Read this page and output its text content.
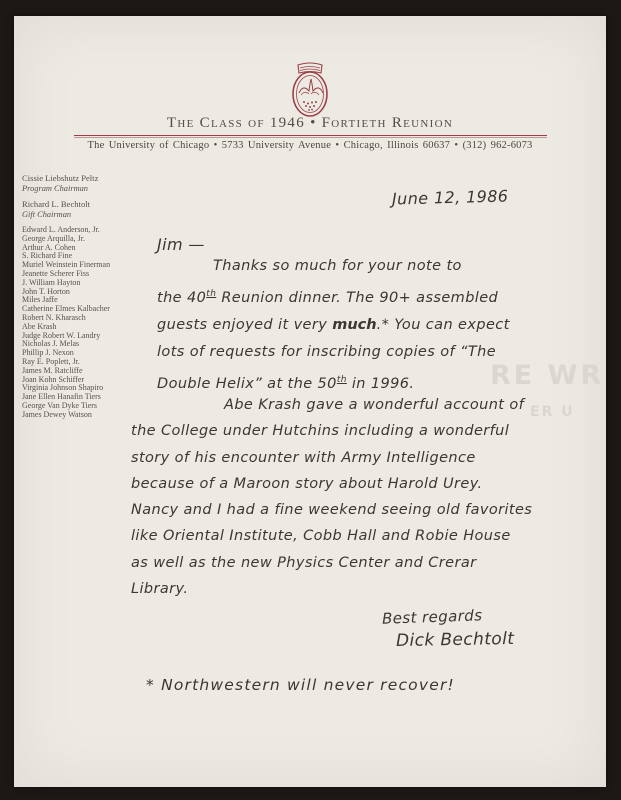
The Class of 1946 • Fortieth Reunion
The University of Chicago • 5733 University Avenue • Chicago, Illinois 60637 • (312) 962-6073
Cissie Liebshutz Peltz
Program Chairman
Richard L. Bechtolt
Gift Chairman
Edward L. Anderson, Jr.
George Arquilla, Jr.
Arthur A. Cohen
S. Richard Fine
Muriel Weinstein Finerman
Jeanette Scherer Fiss
J. William Hayton
John T. Horton
Miles Jaffe
Catherine Elmes Kalbacher
Robert N. Kharasch
Abe Krash
Judge Robert W. Landry
Nicholas J. Melas
Phillip J. Nexon
Ray E. Poplett, Jr.
James M. Ratcliffe
Joan Kohn Schiffer
Virginia Johnson Shapiro
Jane Ellen Hanafin Tiers
George Van Dyke Tiers
James Dewey Watson
June 12, 1986
Jim —
Thanks so much for your note to
the 40th Reunion dinner. The 90+ assembled
guests enjoyed it very much.* You can expect
lots of requests for inscribing copies of “The
Double Helix” at the 50th in 1996.
Abe Krash gave a wonderful account of
the College under Hutchins including a wonderful
story of his encounter with Army Intelligence
because of a Maroon story about Harold Urey.
Nancy and I had a fine weekend seeing old favorites
like Oriental Institute, Cobb Hall and Robie House
as well as the new Physics Center and Crerar
Library.
Best regards
Dick Bechtolt
* Northwestern will never recover!
RE WR
ER U
